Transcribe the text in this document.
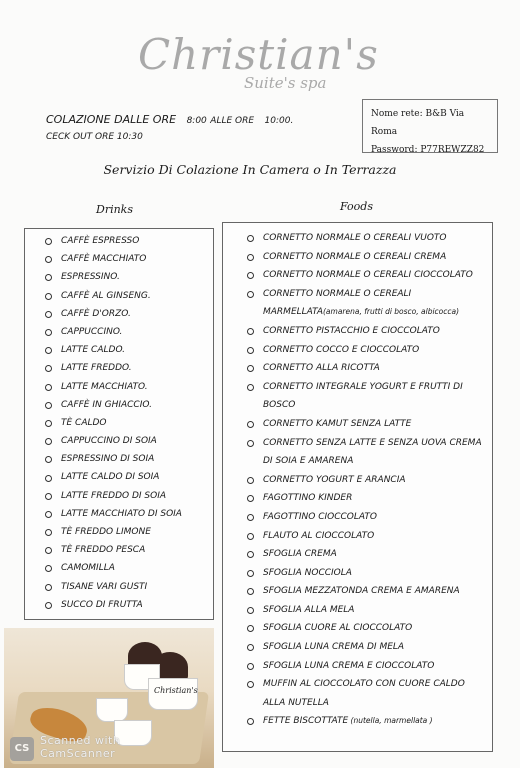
Christian's
Suite's spa
COLAZIONE DALLE ORE 8:00 ALLE ORE 10:00.
CECK OUT ORE 10:30
Nome rete: B&B Via Roma
Password: P77REWZZ82
Servizio Di Colazione In Camera o In Terrazza
Drinks	Foods
CAFFÈ ESPRESSO
CAFFÈ MACCHIATO
ESPRESSINO.
CAFFÈ AL GINSENG.
CAFFÈ D'ORZO.
CAPPUCCINO.
LATTE CALDO.
LATTE FREDDO.
LATTE MACCHIATO.
CAFFÈ IN GHIACCIO.
TÈ CALDO
CAPPUCCINO DI SOIA
ESPRESSINO DI SOIA
LATTE CALDO DI SOIA
LATTE FREDDO DI SOIA
LATTE MACCHIATO DI SOIA
TÈ FREDDO LIMONE
TÈ FREDDO PESCA
CAMOMILLA
TISANE VARI GUSTI
SUCCO DI FRUTTA
CORNETTO NORMALE O CEREALI VUOTO
CORNETTO NORMALE O CEREALI CREMA
CORNETTO NORMALE O CEREALI CIOCCOLATO
CORNETTO NORMALE O CEREALI MARMELLATA(amarena, frutti di bosco, albicocca)
CORNETTO PISTACCHIO E CIOCCOLATO
CORNETTO COCCO E CIOCCOLATO
CORNETTO ALLA RICOTTA
CORNETTO INTEGRALE YOGURT E FRUTTI DI BOSCO
CORNETTO KAMUT SENZA LATTE
CORNETTO SENZA LATTE E SENZA UOVA CREMA DI SOIA E AMARENA
CORNETTO YOGURT E ARANCIA
FAGOTTINO KINDER
FAGOTTINO CIOCCOLATO
FLAUTO AL CIOCCOLATO
SFOGLIA CREMA
SFOGLIA NOCCIOLA
SFOGLIA MEZZATONDA CREMA E AMARENA
SFOGLIA ALLA MELA
SFOGLIA CUORE AL CIOCCOLATO
SFOGLIA LUNA CREMA DI MELA
SFOGLIA LUNA CREMA E CIOCCOLATO
MUFFIN AL CIOCCOLATO CON CUORE CALDO ALLA NUTELLA
FETTE BISCOTTATE (nutella, marmellata )
Christian's
CS
Scanned with
CamScanner
